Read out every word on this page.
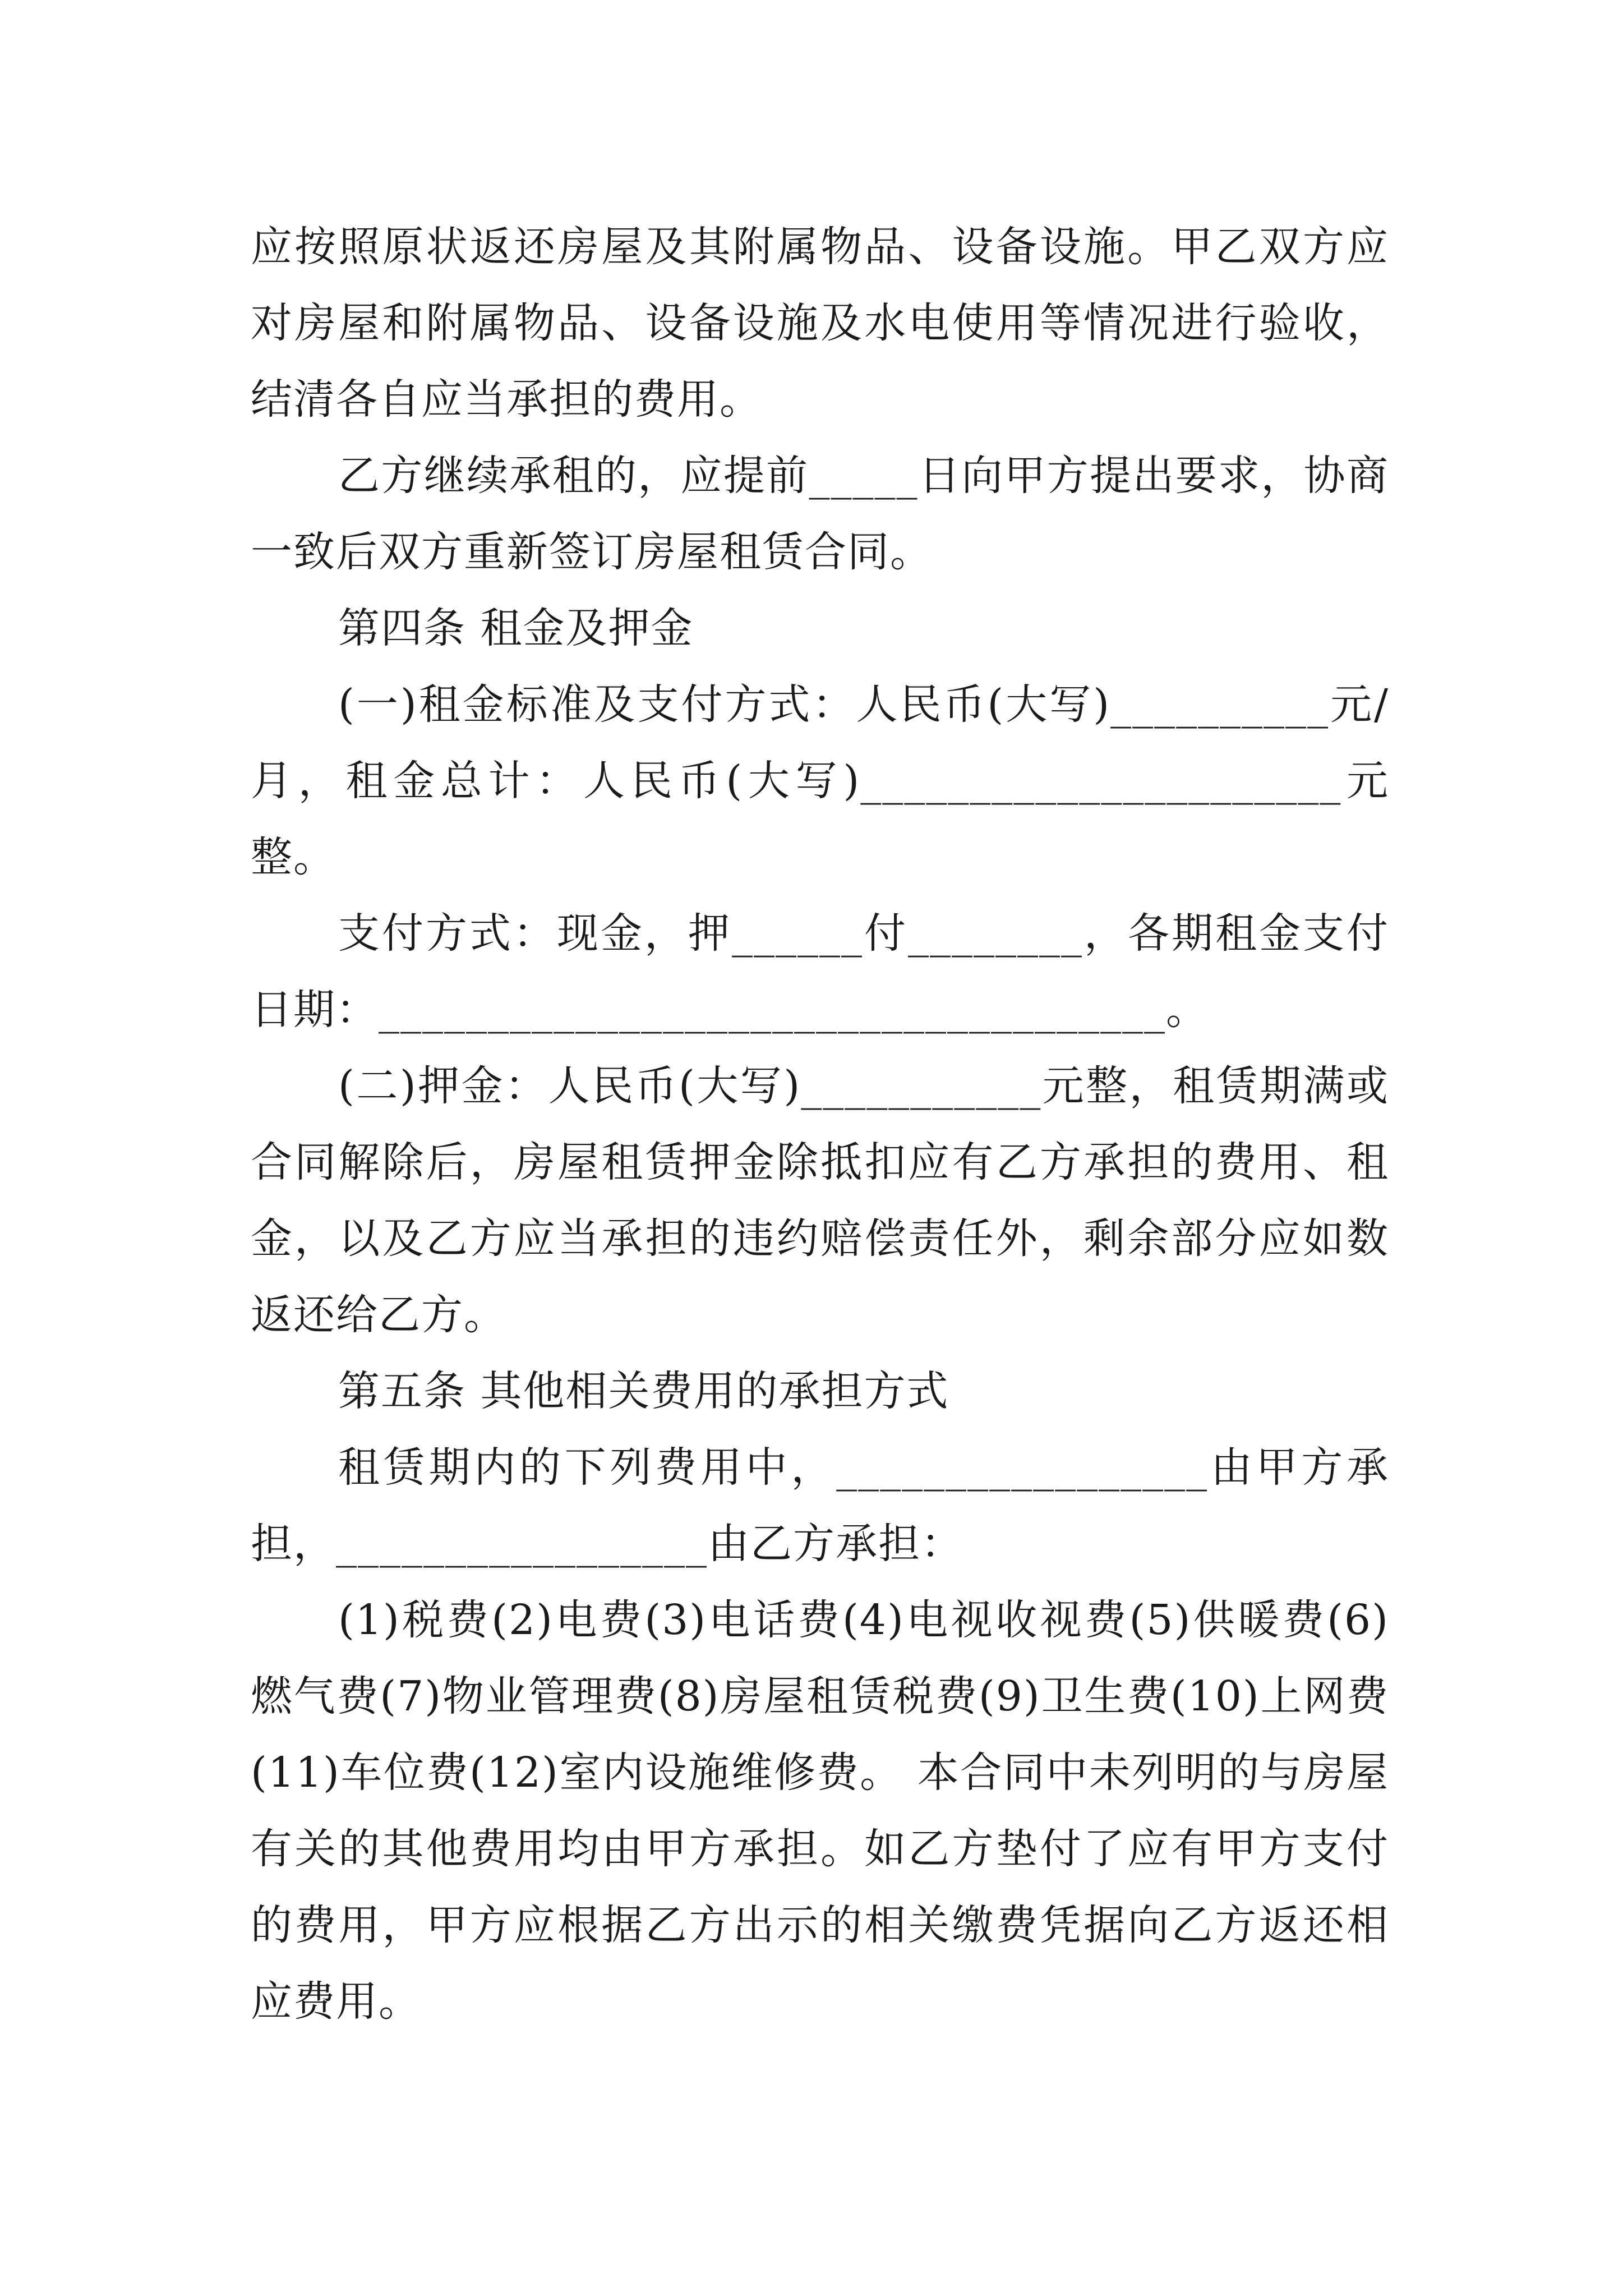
应按照原状返还房屋及其附属物品、设备设施。甲乙双方应对房屋和附属物品、设备设施及水电使用等情况进行验收，结清各自应当承担的费用。

乙方继续承租的，应提前_____日向甲方提出要求，协商一致后双方重新签订房屋租赁合同。

第四条 租金及押金

(一)租金标准及支付方式：人民币(大写)__________元/月，租金总计：人民币(大写)______________________元整。

支付方式：现金，押______付________，各期租金支付日期：____________________________________。

(二)押金：人民币(大写)___________元整，租赁期满或合同解除后，房屋租赁押金除抵扣应有乙方承担的费用、租金，以及乙方应当承担的违约赔偿责任外，剩余部分应如数返还给乙方。

第五条 其他相关费用的承担方式

租赁期内的下列费用中，_________________由甲方承担，_________________由乙方承担：

(1)税费(2)电费(3)电话费(4)电视收视费(5)供暖费(6)燃气费(7)物业管理费(8)房屋租赁税费(9)卫生费(10)上网费(11)车位费(12)室内设施维修费。 本合同中未列明的与房屋有关的其他费用均由甲方承担。如乙方垫付了应有甲方支付的费用，甲方应根据乙方出示的相关缴费凭据向乙方返还相应费用。
